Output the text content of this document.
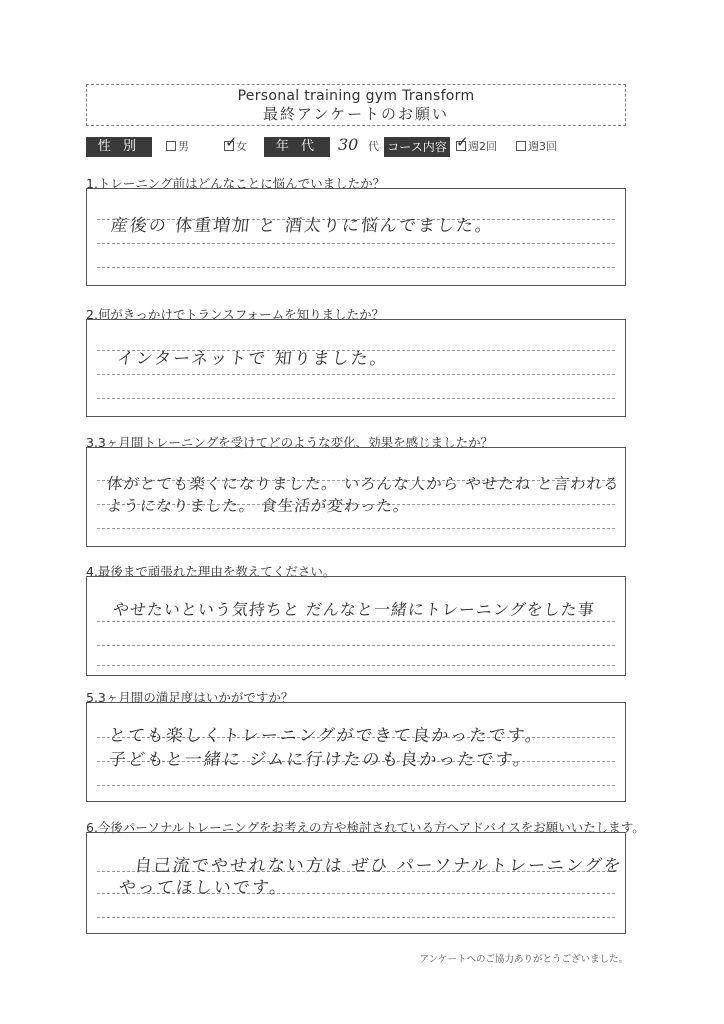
Personal training gym Transform
最終アンケートのお願い
性 別	男	女
✓	年 代	30 代 コース内容	週2回	週3回
✓
1.トレーニング前はどんなことに悩んでいましたか？
産後の 体重増加 と 酒太りに悩んでました。
2.何がきっかけでトランスフォームを知りましたか？
インターネットで 知りました。
3.3ヶ月間トレーニングを受けてどのような変化、効果を感じましたか？
体がとても楽くになりました。 いろんな人から やせたね と言われる
ようになりました。 食生活が変わった。
4.最後まで頑張れた理由を教えてください。
やせたいという気持ちと だんなと一緒にトレーニングをした事
5.3ヶ月間の満足度はいかがですか？
とても楽しくトレーニングができて良かったです。
子どもと一緒に ジムに行けたのも良かったです。
6.今後パーソナルトレーニングをお考えの方や検討されている方へアドバイスをお願いいたします。
自己流でやせれない方は ぜひ パーソナルトレーニングを
やってほしいです。
アンケートへのご協力ありがとうございました。
